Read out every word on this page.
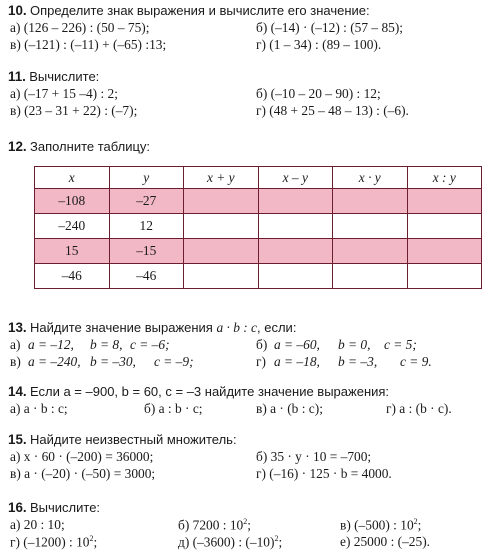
10. Определите знак выражения и вычислите его значение:
а) (126 – 226) : (50 – 75);	б) (–14) · (–12) : (57 – 85);
в) (–121) : (–11) + (–65) :13;	г) (1 – 34) : (89 – 100).
11. Вычислите:
а) (–17 + 15 –4) : 2;	б) (–10 – 20 – 90) : 12;
в) (23 – 31 + 22) : (–7);	г) (48 + 25 – 48 – 13) : (–6).
12. Заполните таблицу:
x	y	x + y	x – y	x · y	x : y
–108	–27				
–240	12				
15	–15				
–46	–46				
13. Найдите значение выражения a · b : c, если:
а) a = –12, b = 8, c = –6;	б) a = –60, b = 0, c = 5;
в) a = –240, b = –30, c = –9;	г) a = –18, b = –3, c = 9.
14. Если a = –900, b = 60, c = –3 найдите значение выражения:
а) a · b : c;	б) a : b · c;	в) a · (b : c);	г) a : (b · c).
15. Найдите неизвестный множитель:
а) x · 60 · (–200) = 36000;	б) 35 · y · 10 = –700;
в) a · (–20) · (–50) = 3000;	г) (–16) · 125 · b = 4000.
16. Вычислите:
а) 20 : 10;	б) 7200 : $10^2$;	в) (–500) : $10^2$;
г) (–1200) : $10^2$;	д) (–3600) : $(-10)^2$;	е) 25000 : (–25).
